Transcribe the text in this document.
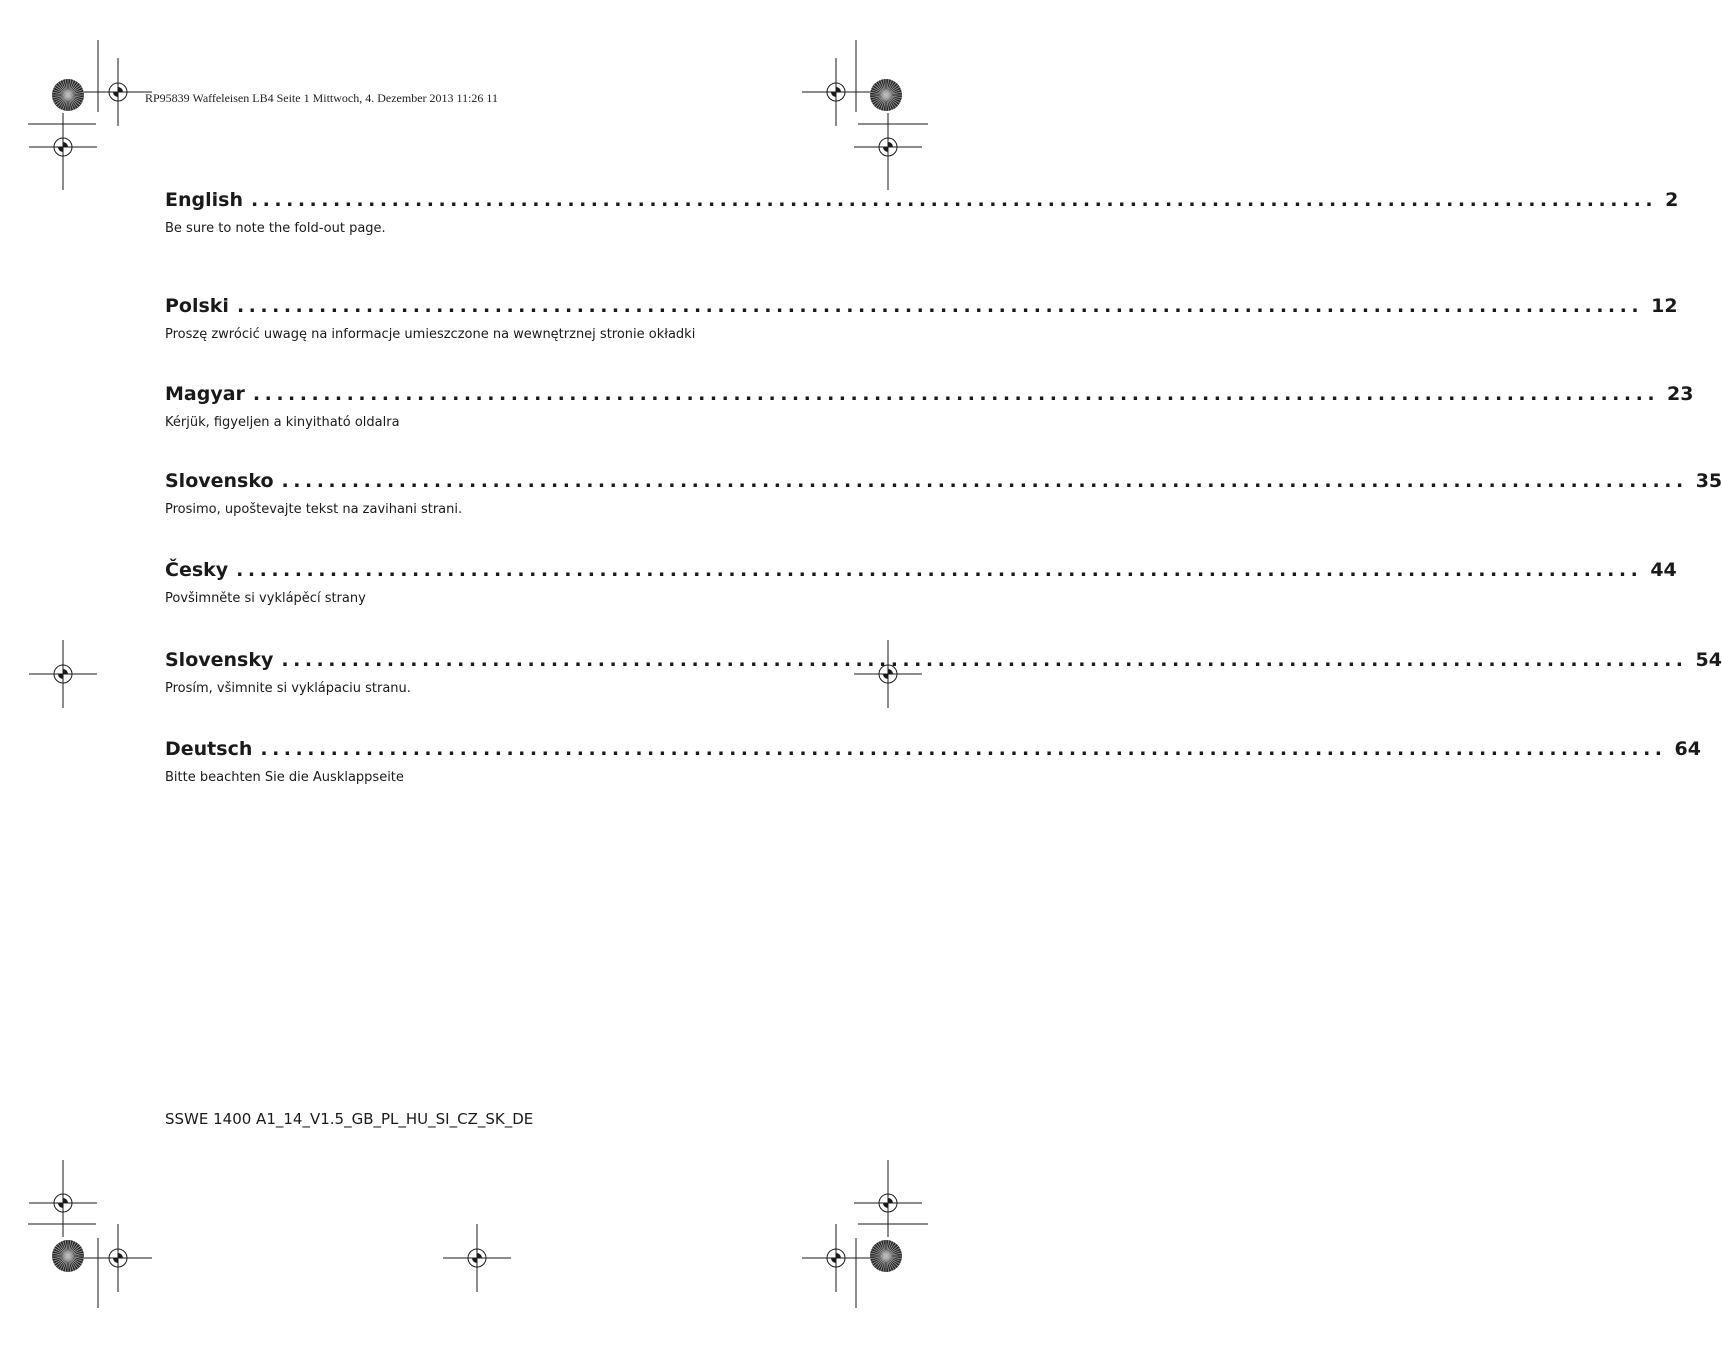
RP95839 Waffeleisen LB4 Seite 1 Mittwoch, 4. Dezember 2013 11:26 11
English ........................................................................................................................ 2
Be sure to note the fold-out page.
Polski ........................................................................................................................ 12
Proszę zwrócić uwagę na informacje umieszczone na wewnętrznej stronie okładki
Magyar ........................................................................................................................ 23
Kérjük, figyeljen a kinyitható oldalra
Slovensko ........................................................................................................................ 35
Prosimo, upoštevajte tekst na zavihani strani.
Česky ........................................................................................................................ 44
Povšimněte si vyklápěcí strany
Slovensky ........................................................................................................................ 54
Prosím, všimnite si vyklápaciu stranu.
Deutsch ........................................................................................................................ 64
Bitte beachten Sie die Ausklappseite
SSWE 1400 A1_14_V1.5_GB_PL_HU_SI_CZ_SK_DE
